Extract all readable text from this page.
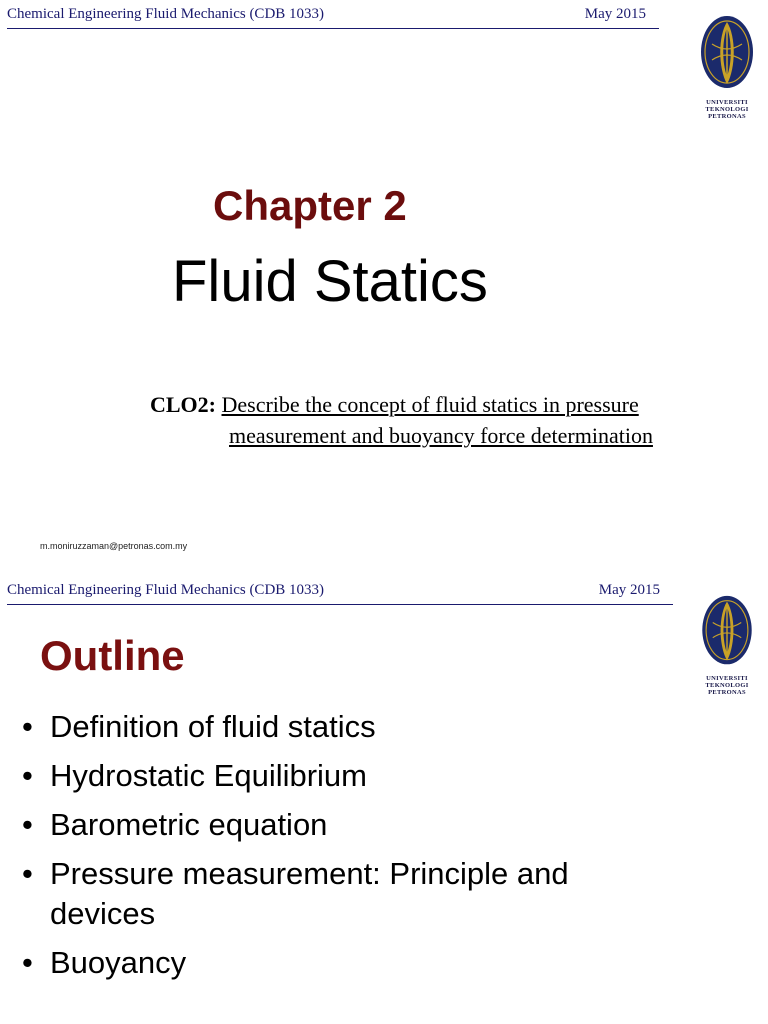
Chemical Engineering Fluid Mechanics (CDB 1033)	May 2015
UNIVERSITI
TEKNOLOGI
PETRONAS
Chapter 2
Fluid Statics
CLO2: Describe the concept of fluid statics in pressure
measurement and buoyancy force determination
m.moniruzzaman@petronas.com.my
Chemical Engineering Fluid Mechanics (CDB 1033)	May 2015
UNIVERSITI
TEKNOLOGI
PETRONAS
Outline
• Definition of fluid statics
• Hydrostatic Equilibrium
• Barometric equation
• Pressure measurement: Principle and devices
• Buoyancy
